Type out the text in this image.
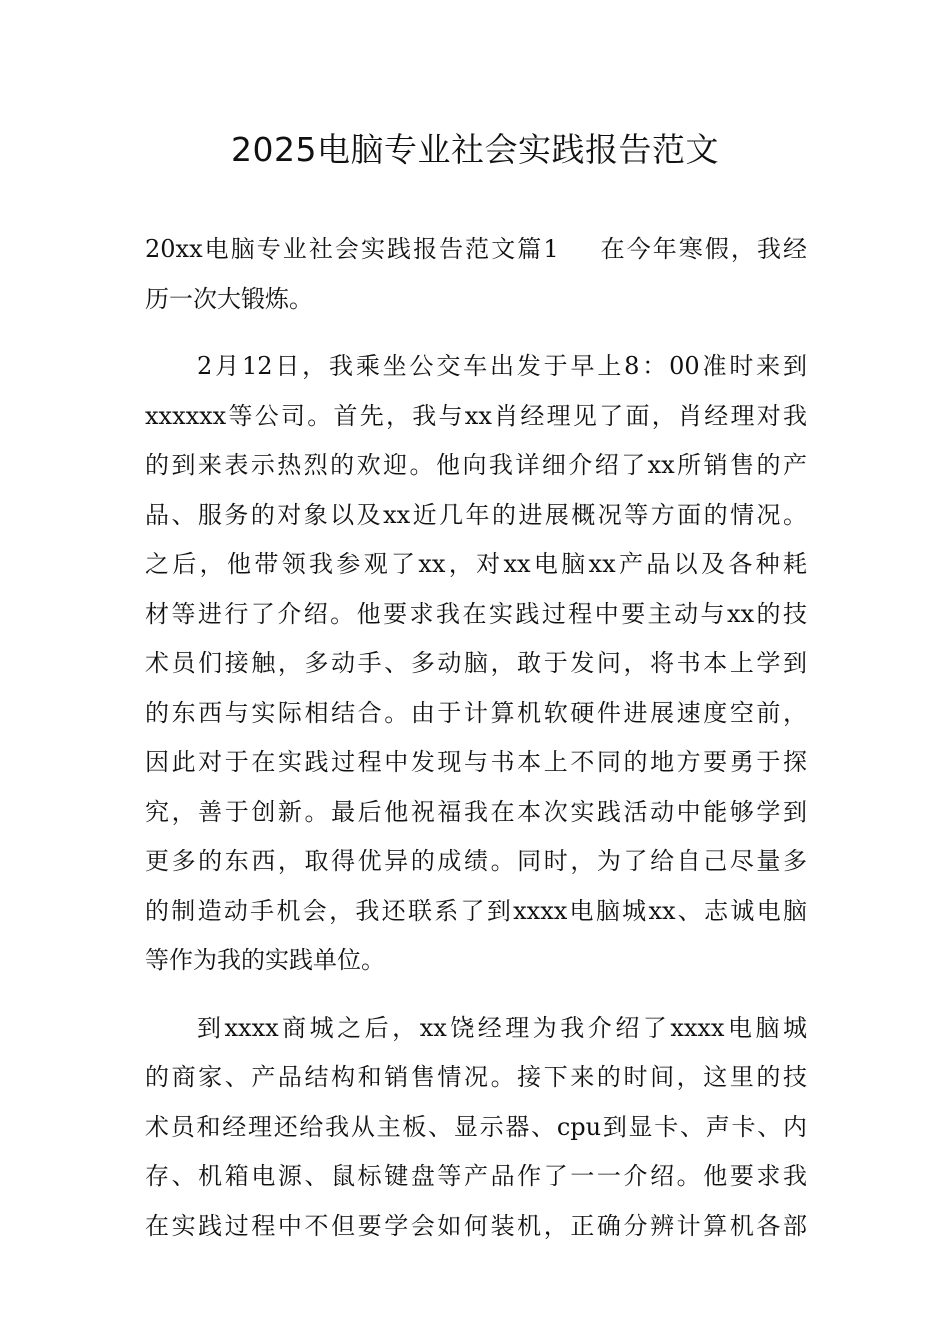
2025电脑专业社会实践报告范文
20xx电脑专业社会实践报告范文篇1 在今年寒假，我经
历一次大锻炼。
2月12日，我乘坐公交车出发于早上8：00准时来到
xxxxxx等公司。首先，我与xx肖经理见了面，肖经理对我
的到来表示热烈的欢迎。他向我详细介绍了xx所销售的产
品、服务的对象以及xx近几年的进展概况等方面的情况。
之后，他带领我参观了xx，对xx电脑xx产品以及各种耗
材等进行了介绍。他要求我在实践过程中要主动与xx的技
术员们接触，多动手、多动脑，敢于发问，将书本上学到
的东西与实际相结合。由于计算机软硬件进展速度空前，
因此对于在实践过程中发现与书本上不同的地方要勇于探
究，善于创新。最后他祝福我在本次实践活动中能够学到
更多的东西，取得优异的成绩。同时，为了给自己尽量多
的制造动手机会，我还联系了到xxxx电脑城xx、志诚电脑
等作为我的实践单位。
到xxxx商城之后，xx饶经理为我介绍了xxxx电脑城
的商家、产品结构和销售情况。接下来的时间，这里的技
术员和经理还给我从主板、显示器、cpu到显卡、声卡、内
存、机箱电源、鼠标键盘等产品作了一一介绍。他要求我
在实践过程中不但要学会如何装机，正确分辨计算机各部
